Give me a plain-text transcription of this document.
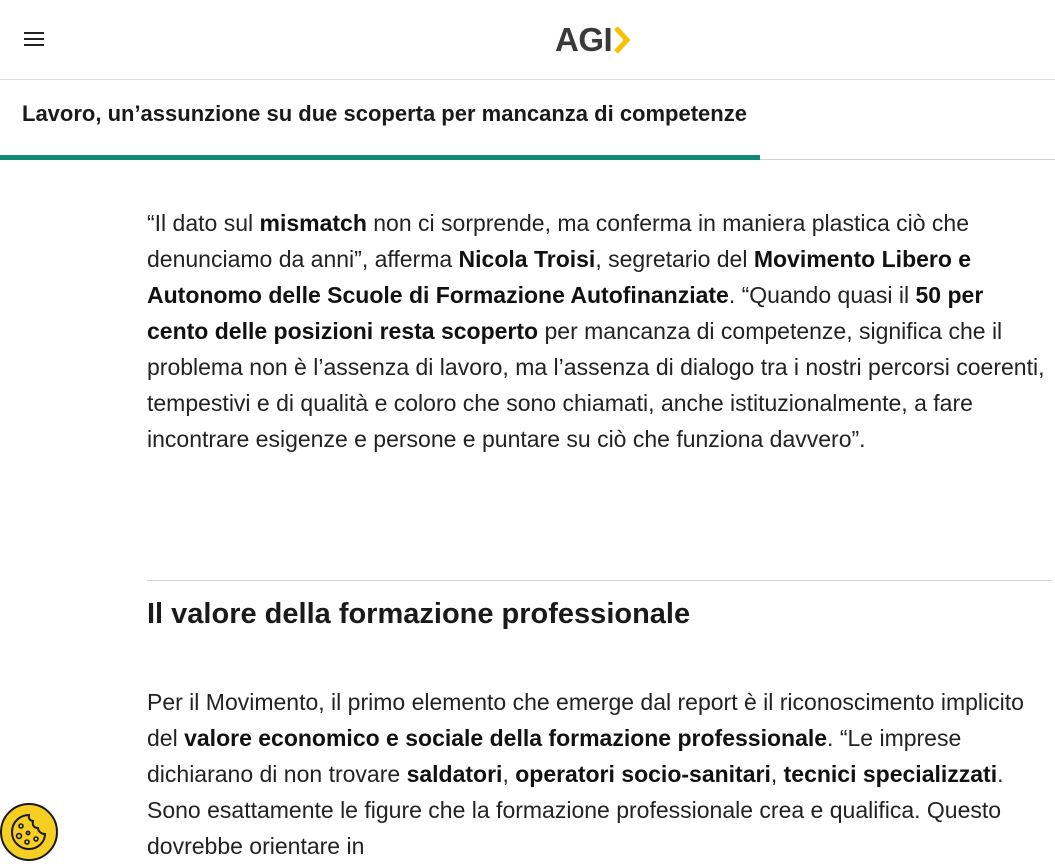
AGI
Lavoro, un’assunzione su due scoperta per mancanza di competenze

“Il dato sul mismatch non ci sorprende, ma conferma in maniera plastica ciò che denunciamo da anni”, afferma Nicola Troisi, segretario del Movimento Libero e Autonomo delle Scuole di Formazione Autofinanziate. “Quando quasi il 50 per cento delle posizioni resta scoperto per mancanza di competenze, significa che il problema non è l’assenza di lavoro, ma l’assenza di dialogo tra i nostri percorsi coerenti, tempestivi e di qualità e coloro che sono chiamati, anche istituzionalmente, a fare incontrare esigenze e persone e puntare su ciò che funziona davvero”.

Il valore della formazione professionale

Per il Movimento, il primo elemento che emerge dal report è il riconoscimento implicito del valore economico e sociale della formazione professionale. “Le imprese dichiarano di non trovare saldatori, operatori socio-sanitari, tecnici specializzati. Sono esattamente le figure che la formazione professionale crea e qualifica. Questo dovrebbe orientare in
